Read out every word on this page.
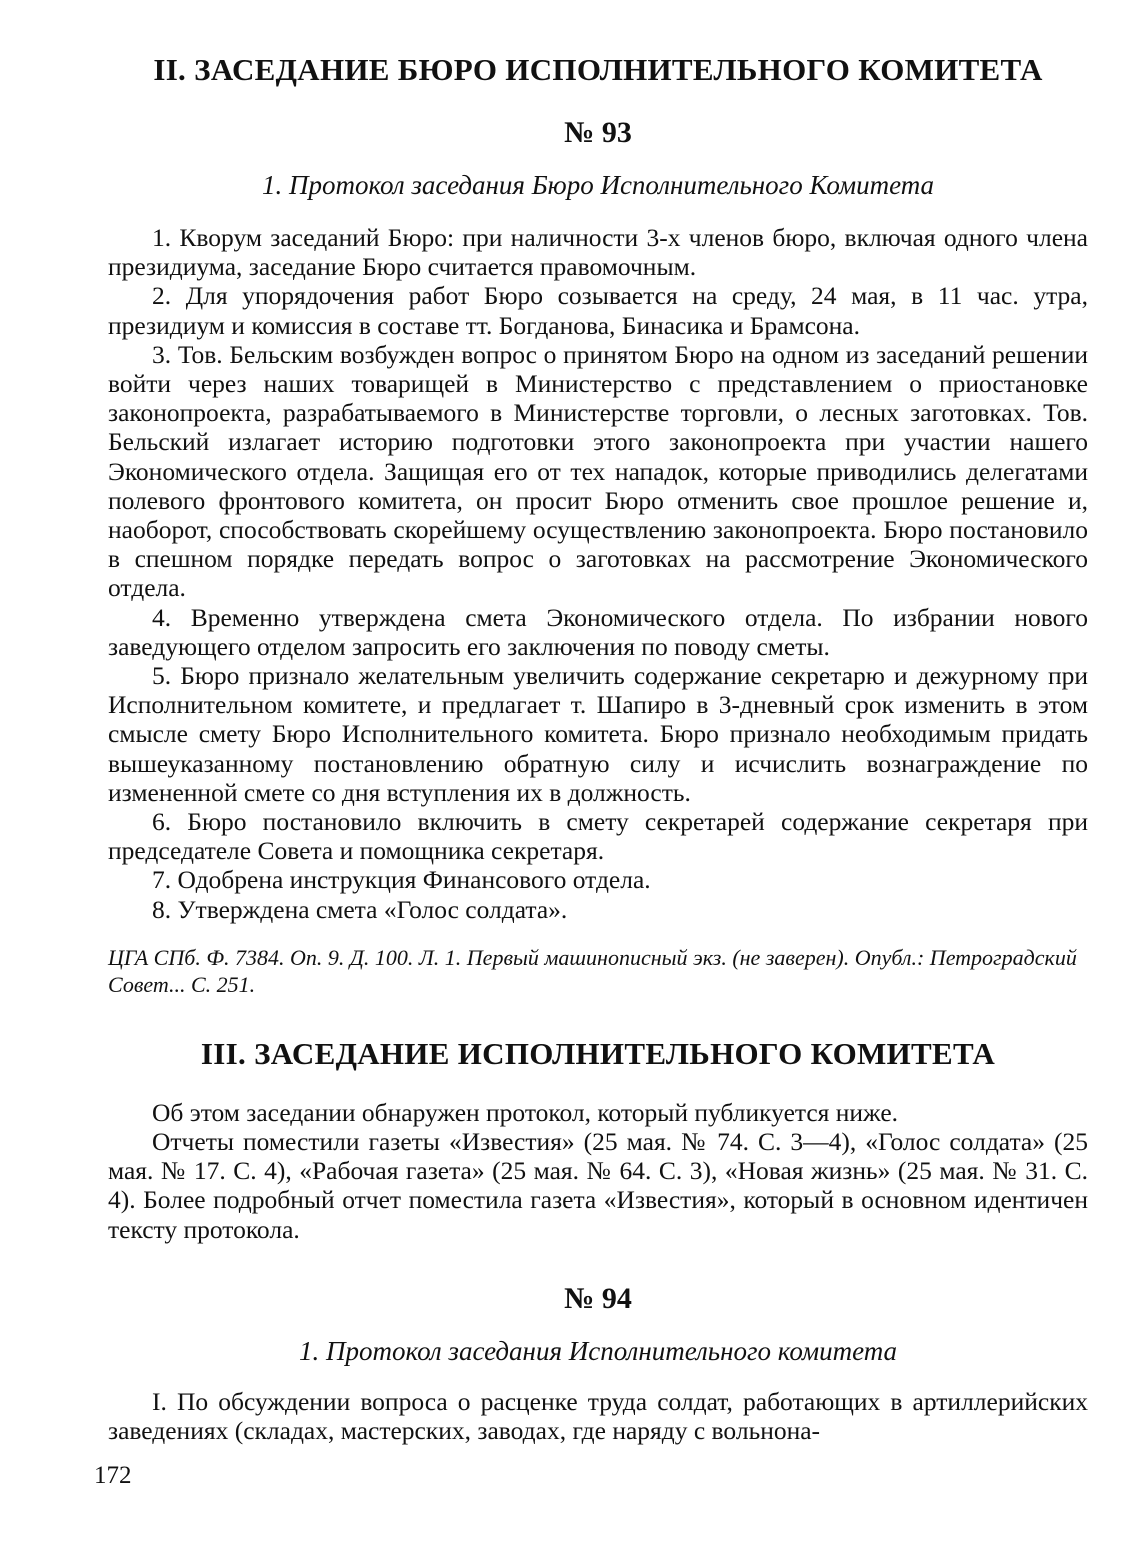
II. ЗАСЕДАНИЕ БЮРО ИСПОЛНИТЕЛЬНОГО КОМИТЕТА
№ 93
1. Протокол заседания Бюро Исполнительного Комитета

1. Кворум заседаний Бюро: при наличности 3-х членов бюро, включая одного члена президиума, заседание Бюро считается правомочным.

2. Для упорядочения работ Бюро созывается на среду, 24 мая, в 11 час. утра, президиум и комиссия в составе тт. Богданова, Бинасика и Брамсона.

3. Тов. Бельским возбужден вопрос о принятом Бюро на одном из заседаний решении войти через наших товарищей в Министерство с представлением о приостановке законопроекта, разрабатываемого в Министерстве торговли, о лесных заготовках. Тов. Бельский излагает историю подготовки этого законопроекта при участии нашего Экономического отдела. Защищая его от тех нападок, которые приводились делегатами полевого фронтового комитета, он просит Бюро отменить свое прошлое решение и, наоборот, способствовать скорейшему осуществлению законопроекта. Бюро постановило в спешном порядке передать вопрос о заготовках на рассмотрение Экономического отдела.

4. Временно утверждена смета Экономического отдела. По избрании нового заведующего отделом запросить его заключения по поводу сметы.

5. Бюро признало желательным увеличить содержание секретарю и дежурному при Исполнительном комитете, и предлагает т. Шапиро в 3-дневный срок изменить в этом смысле смету Бюро Исполнительного комитета. Бюро признало необходимым придать вышеуказанному постановлению обратную силу и исчислить вознаграждение по измененной смете со дня вступления их в должность.

6. Бюро постановило включить в смету секретарей содержание секретаря при председателе Совета и помощника секретаря.

7. Одобрена инструкция Финансового отдела.

8. Утверждена смета «Голос солдата».

ЦГА СПб. Ф. 7384. Оп. 9. Д. 100. Л. 1. Первый машинописный экз. (не заверен). Опубл.: Петроградский Совет... С. 251.

III. ЗАСЕДАНИЕ ИСПОЛНИТЕЛЬНОГО КОМИТЕТА

Об этом заседании обнаружен протокол, который публикуется ниже.

Отчеты поместили газеты «Известия» (25 мая. № 74. С. 3—4), «Голос солдата» (25 мая. № 17. С. 4), «Рабочая газета» (25 мая. № 64. С. 3), «Новая жизнь» (25 мая. № 31. С. 4). Более подробный отчет поместила газета «Известия», который в основном идентичен тексту протокола.

№ 94
1. Протокол заседания Исполнительного комитета

I. По обсуждении вопроса о расценке труда солдат, работающих в артиллерийских заведениях (складах, мастерских, заводах, где наряду с вольнона-

172
